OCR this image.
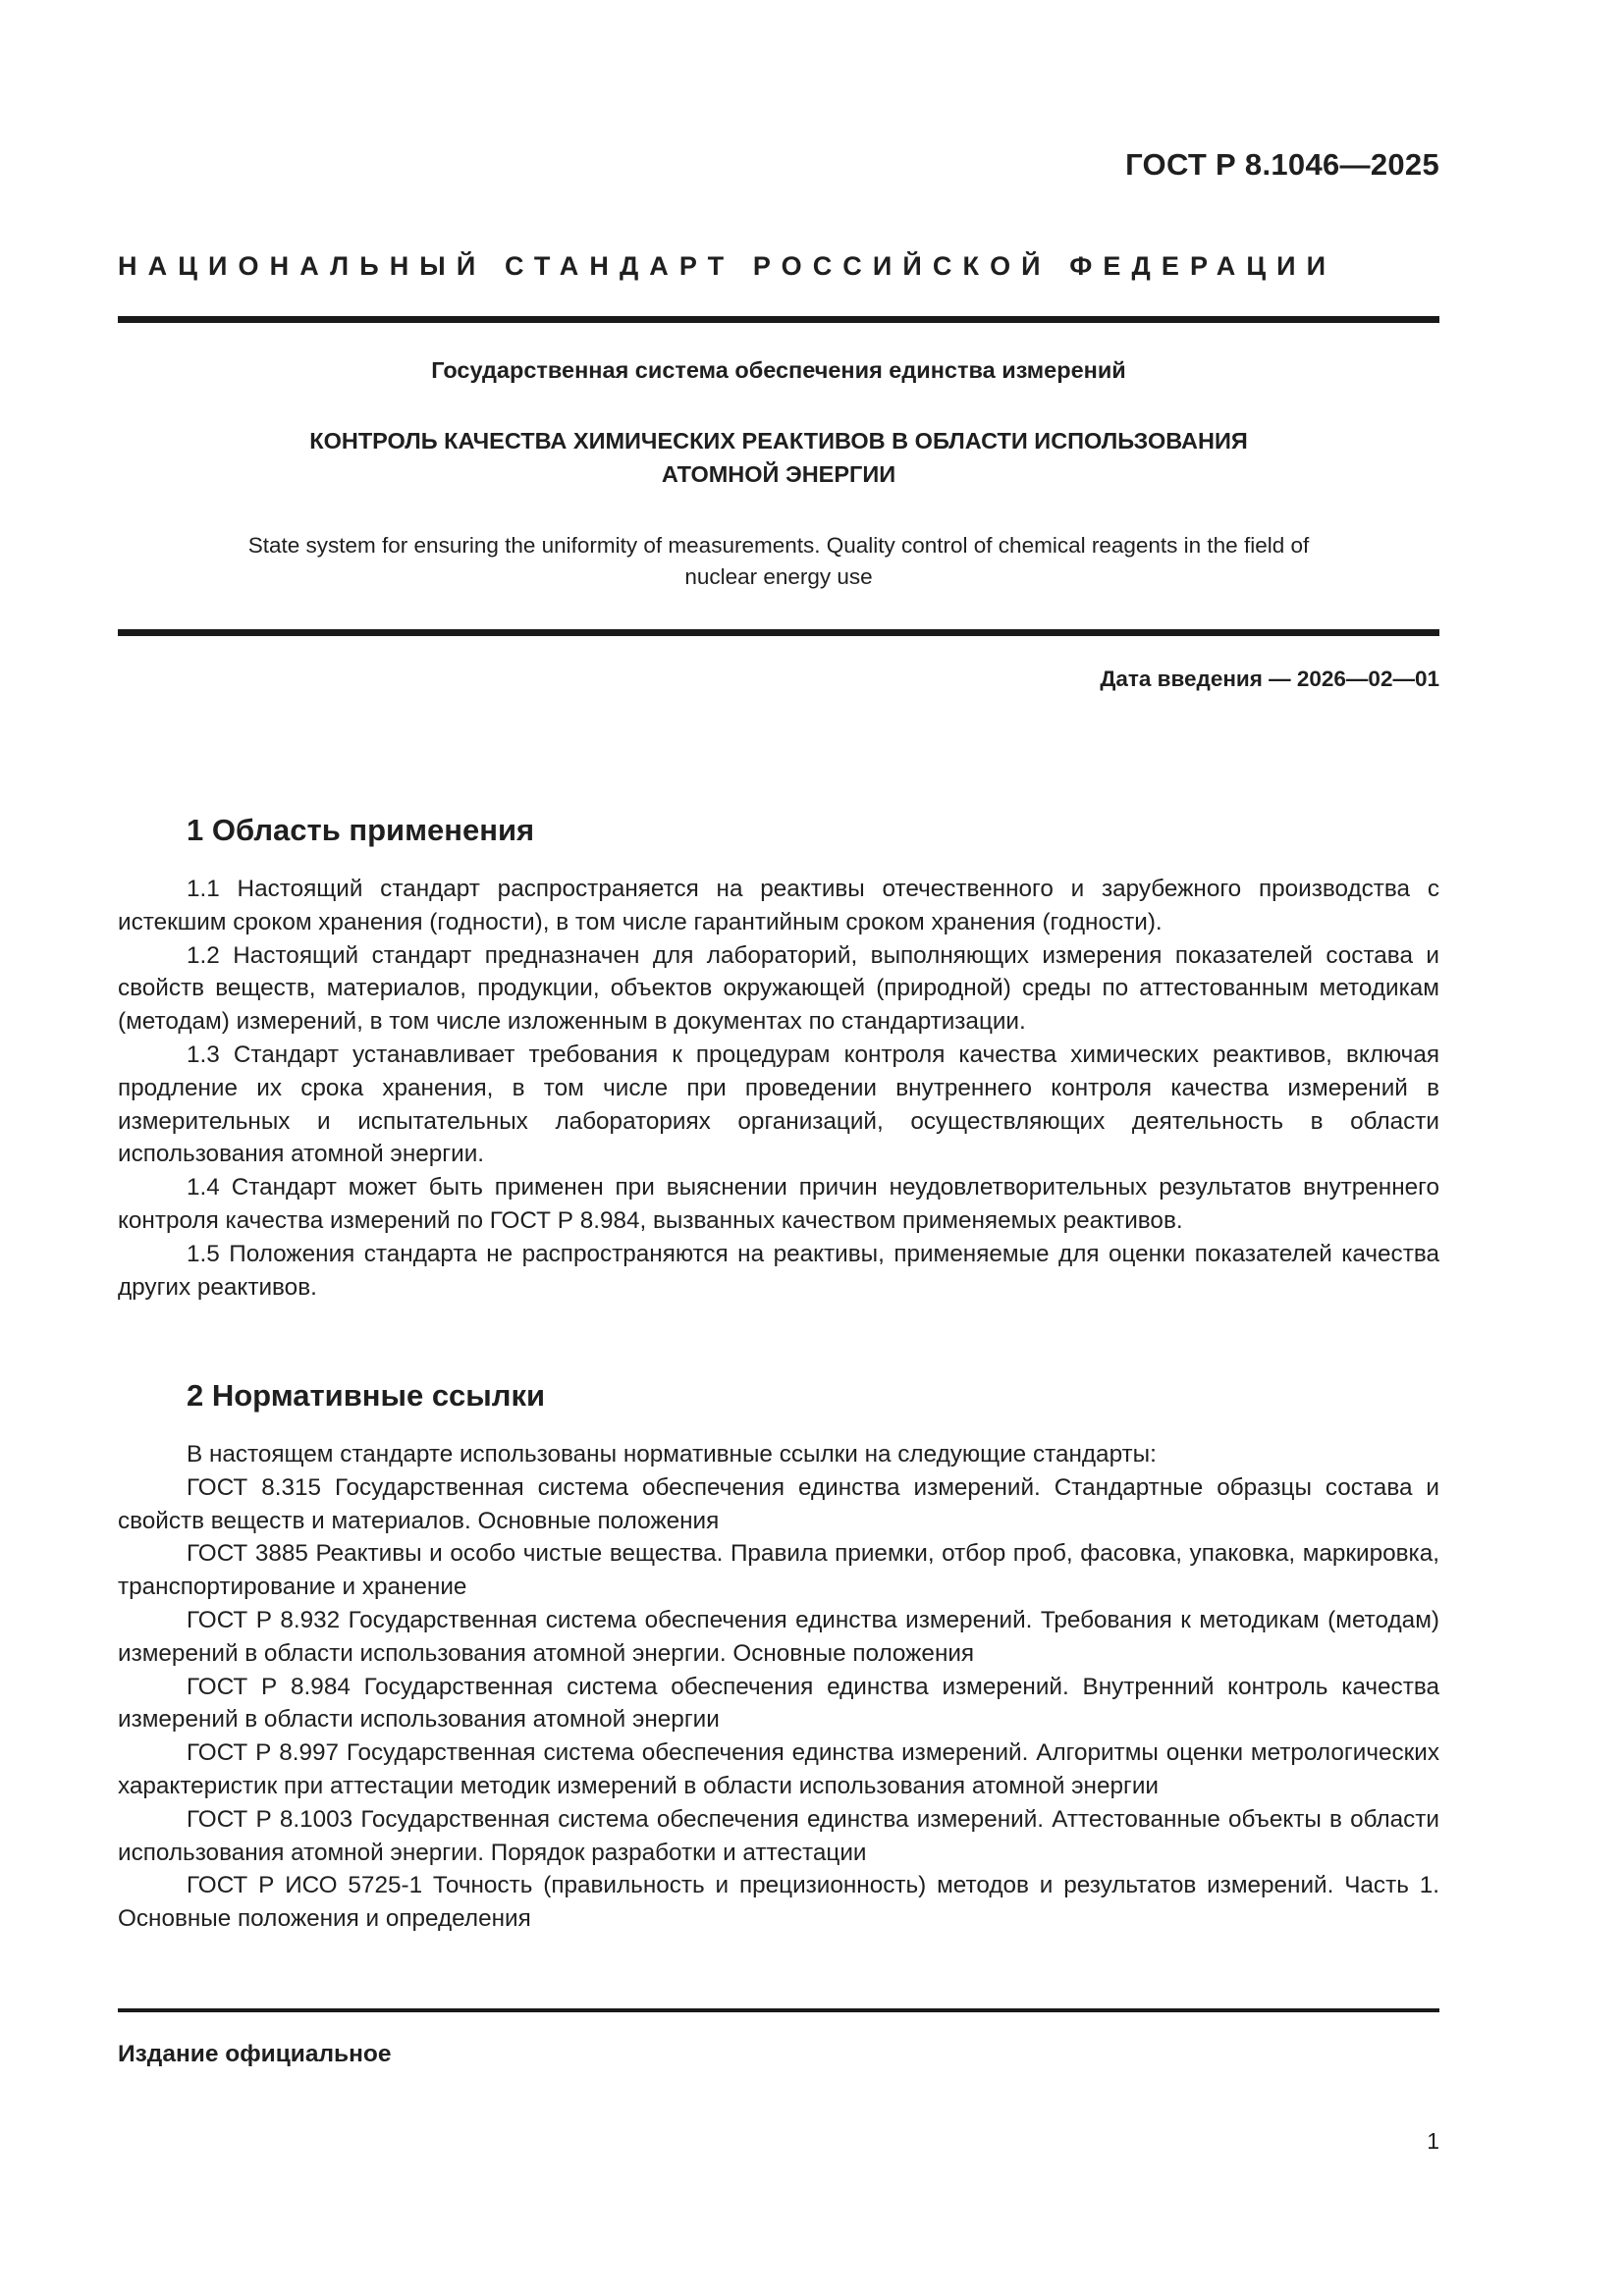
ГОСТ Р 8.1046—2025
НАЦИОНАЛЬНЫЙ СТАНДАРТ РОССИЙСКОЙ ФЕДЕРАЦИИ
Государственная система обеспечения единства измерений
КОНТРОЛЬ КАЧЕСТВА ХИМИЧЕСКИХ РЕАКТИВОВ В ОБЛАСТИ ИСПОЛЬЗОВАНИЯ
АТОМНОЙ ЭНЕРГИИ
State system for ensuring the uniformity of measurements. Quality control of chemical reagents in the field of
nuclear energy use
Дата введения — 2026—02—01
1 Область применения

1.1 Настоящий стандарт распространяется на реактивы отечественного и зарубежного производства с истекшим сроком хранения (годности), в том числе гарантийным сроком хранения (годности).

1.2 Настоящий стандарт предназначен для лабораторий, выполняющих измерения показателей состава и свойств веществ, материалов, продукции, объектов окружающей (природной) среды по аттестованным методикам (методам) измерений, в том числе изложенным в документах по стандартизации.

1.3 Стандарт устанавливает требования к процедурам контроля качества химических реактивов, включая продление их срока хранения, в том числе при проведении внутреннего контроля качества измерений в измерительных и испытательных лабораториях организаций, осуществляющих деятельность в области использования атомной энергии.

1.4 Стандарт может быть применен при выяснении причин неудовлетворительных результатов внутреннего контроля качества измерений по ГОСТ Р 8.984, вызванных качеством применяемых реактивов.

1.5 Положения стандарта не распространяются на реактивы, применяемые для оценки показателей качества других реактивов.

2 Нормативные ссылки

В настоящем стандарте использованы нормативные ссылки на следующие стандарты:

ГОСТ 8.315 Государственная система обеспечения единства измерений. Стандартные образцы состава и свойств веществ и материалов. Основные положения

ГОСТ 3885 Реактивы и особо чистые вещества. Правила приемки, отбор проб, фасовка, упаковка, маркировка, транспортирование и хранение

ГОСТ Р 8.932 Государственная система обеспечения единства измерений. Требования к методикам (методам) измерений в области использования атомной энергии. Основные положения

ГОСТ Р 8.984 Государственная система обеспечения единства измерений. Внутренний контроль качества измерений в области использования атомной энергии

ГОСТ Р 8.997 Государственная система обеспечения единства измерений. Алгоритмы оценки метрологических характеристик при аттестации методик измерений в области использования атомной энергии

ГОСТ Р 8.1003 Государственная система обеспечения единства измерений. Аттестованные объекты в области использования атомной энергии. Порядок разработки и аттестации

ГОСТ Р ИСО 5725-1 Точность (правильность и прецизионность) методов и результатов измерений. Часть 1. Основные положения и определения

Издание официальное
1
